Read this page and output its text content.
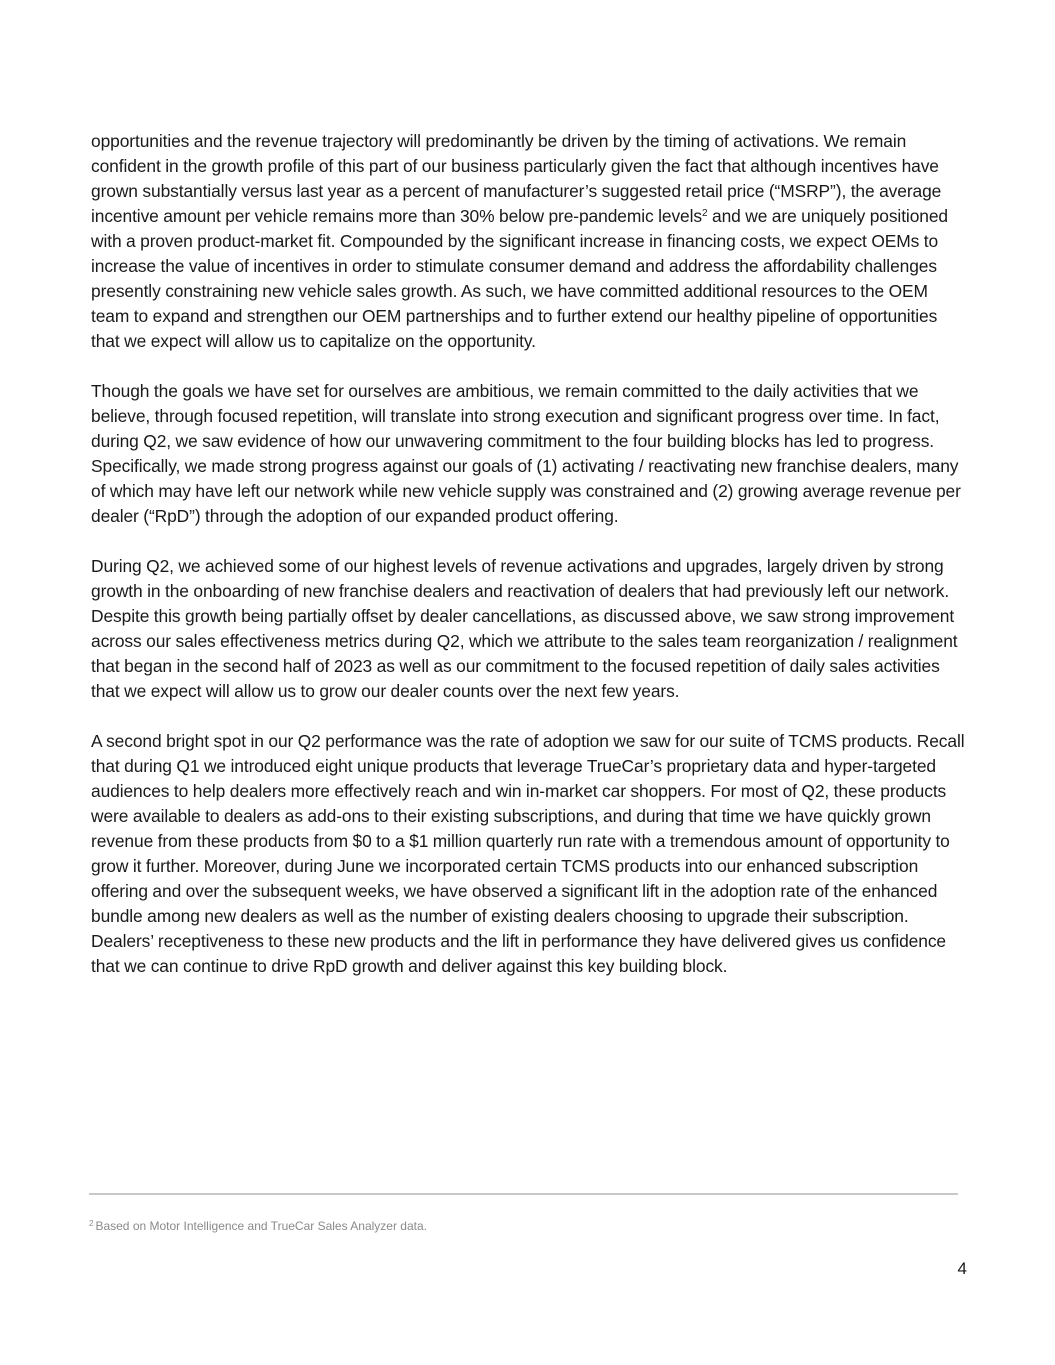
opportunities and the revenue trajectory will predominantly be driven by the timing of activations. We remain confident in the growth profile of this part of our business particularly given the fact that although incentives have grown substantially versus last year as a percent of manufacturer’s suggested retail price (“MSRP”), the average incentive amount per vehicle remains more than 30% below pre-pandemic levels$^2$ and we are uniquely positioned with a proven product-market fit. Compounded by the significant increase in financing costs, we expect OEMs to increase the value of incentives in order to stimulate consumer demand and address the affordability challenges presently constraining new vehicle sales growth. As such, we have committed additional resources to the OEM team to expand and strengthen our OEM partnerships and to further extend our healthy pipeline of opportunities that we expect will allow us to capitalize on the opportunity.

Though the goals we have set for ourselves are ambitious, we remain committed to the daily activities that we believe, through focused repetition, will translate into strong execution and significant progress over time. In fact, during Q2, we saw evidence of how our unwavering commitment to the four building blocks has led to progress. Specifically, we made strong progress against our goals of (1) activating / reactivating new franchise dealers, many of which may have left our network while new vehicle supply was constrained and (2) growing average revenue per dealer (“RpD”) through the adoption of our expanded product offering.

During Q2, we achieved some of our highest levels of revenue activations and upgrades, largely driven by strong growth in the onboarding of new franchise dealers and reactivation of dealers that had previously left our network. Despite this growth being partially offset by dealer cancellations, as discussed above, we saw strong improvement across our sales effectiveness metrics during Q2, which we attribute to the sales team reorganization / realignment that began in the second half of 2023 as well as our commitment to the focused repetition of daily sales activities that we expect will allow us to grow our dealer counts over the next few years.

A second bright spot in our Q2 performance was the rate of adoption we saw for our suite of TCMS products. Recall that during Q1 we introduced eight unique products that leverage TrueCar’s proprietary data and hyper-targeted audiences to help dealers more effectively reach and win in-market car shoppers. For most of Q2, these products were available to dealers as add-ons to their existing subscriptions, and during that time we have quickly grown revenue from these products from $0 to a $1 million quarterly run rate with a tremendous amount of opportunity to grow it further. Moreover, during June we incorporated certain TCMS products into our enhanced subscription offering and over the subsequent weeks, we have observed a significant lift in the adoption rate of the enhanced bundle among new dealers as well as the number of existing dealers choosing to upgrade their subscription. Dealers’ receptiveness to these new products and the lift in performance they have delivered gives us confidence that we can continue to drive RpD growth and deliver against this key building block.

$^2$ Based on Motor Intelligence and TrueCar Sales Analyzer data.
4
